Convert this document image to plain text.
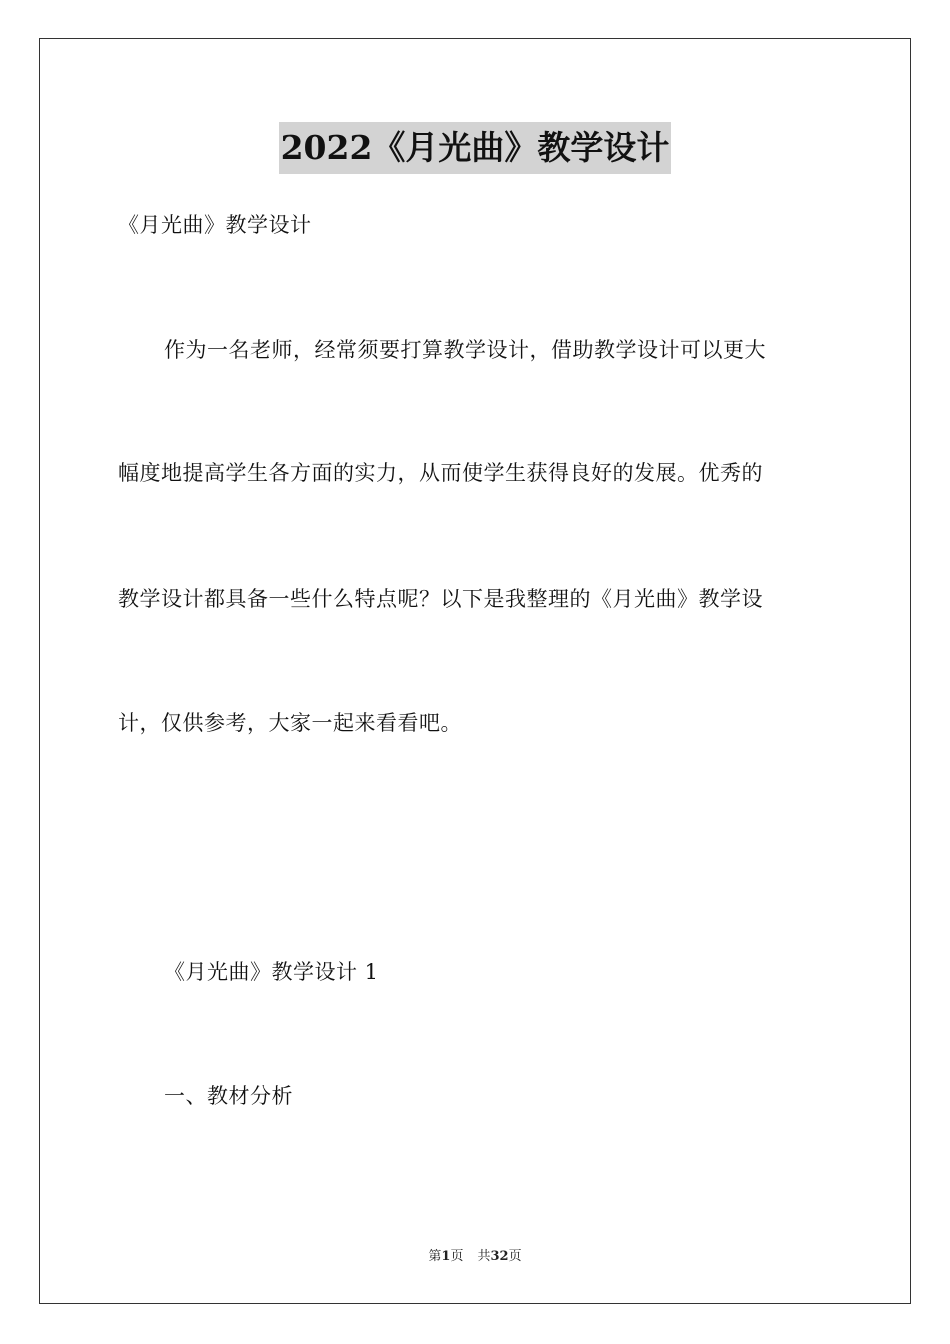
2022《月光曲》教学设计
《月光曲》教学设计
作为一名老师，经常须要打算教学设计，借助教学设计可以更大
幅度地提高学生各方面的实力，从而使学生获得良好的发展。优秀的
教学设计都具备一些什么特点呢？以下是我整理的《月光曲》教学设
计，仅供参考，大家一起来看看吧。
《月光曲》教学设计 1
一、教材分析
第1页 共32页
